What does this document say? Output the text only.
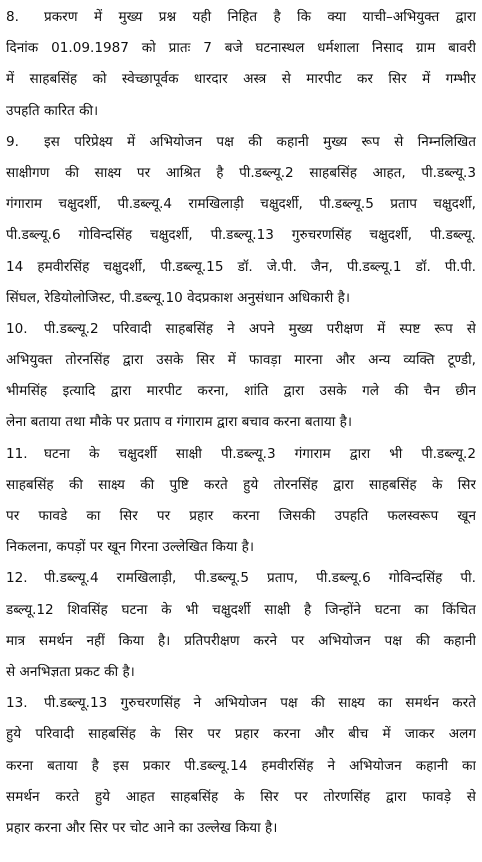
8. प्रकरण में मुख्य प्रश्न यही निहित है कि क्या याची–अभियुक्त द्वारा
दिनांक 01.09.1987 को प्रातः 7 बजे घटनास्थल धर्मशाला निसाद ग्राम बावरी
में साहबसिंह को स्वेच्छापूर्वक धारदार अस्त्र से मारपीट कर सिर में गम्भीर
उपहति कारित की।
9. इस परिप्रेक्ष्य में अभियोजन पक्ष की कहानी मुख्य रूप से निम्नलिखित
साक्षीगण की साक्ष्य पर आश्रित है पी.डब्ल्यू.2 साहबसिंह आहत, पी.डब्ल्यू.3
गंगाराम चक्षुदर्शी, पी.डब्ल्यू.4 रामखिलाड़ी चक्षुदर्शी, पी.डब्ल्यू.5 प्रताप चक्षुदर्शी,
पी.डब्ल्यू.6 गोविन्दसिंह चक्षुदर्शी, पी.डब्ल्यू.13 गुरुचरणसिंह चक्षुदर्शी, पी.डब्ल्यू.
14 हमवीरसिंह चक्षुदर्शी, पी.डब्ल्यू.15 डॉ. जे.पी. जैन, पी.डब्ल्यू.1 डॉ. पी.पी.
सिंघल, रेडियोलोजिस्ट, पी.डब्ल्यू.10 वेदप्रकाश अनुसंधान अधिकारी है।
10. पी.डब्ल्यू.2 परिवादी साहबसिंह ने अपने मुख्य परीक्षण में स्पष्ट रूप से
अभियुक्त तोरनसिंह द्वारा उसके सिर में फावड़ा मारना और अन्य व्यक्ति टूण्डी,
भीमसिंह इत्यादि द्वारा मारपीट करना, शांति द्वारा उसके गले की चैन छीन
लेना बताया तथा मौके पर प्रताप व गंगाराम द्वारा बचाव करना बताया है।
11. घटना के चक्षुदर्शी साक्षी पी.डब्ल्यू.3 गंगाराम द्वारा भी पी.डब्ल्यू.2
साहबसिंह की साक्ष्य की पुष्टि करते हुये तोरनसिंह द्वारा साहबसिंह के सिर
पर फावडे का सिर पर प्रहार करना जिसकी उपहति फलस्वरूप खून
निकलना, कपड़ों पर खून गिरना उल्लेखित किया है।
12. पी.डब्ल्यू.4 रामखिलाड़ी, पी.डब्ल्यू.5 प्रताप, पी.डब्ल्यू.6 गोविन्दसिंह पी.
डब्ल्यू.12 शिवसिंह घटना के भी चक्षुदर्शी साक्षी है जिन्होंने घटना का किंचित
मात्र समर्थन नहीं किया है। प्रतिपरीक्षण करने पर अभियोजन पक्ष की कहानी
से अनभिज्ञता प्रकट की है।
13. पी.डब्ल्यू.13 गुरुचरणसिंह ने अभियोजन पक्ष की साक्ष्य का समर्थन करते
हुये परिवादी साहबसिंह के सिर पर प्रहार करना और बीच में जाकर अलग
करना बताया है इस प्रकार पी.डब्ल्यू.14 हमवीरसिंह ने अभियोजन कहानी का
समर्थन करते हुये आहत साहबसिंह के सिर पर तोरणसिंह द्वारा फावड़े से
प्रहार करना और सिर पर चोट आने का उल्लेख किया है।
